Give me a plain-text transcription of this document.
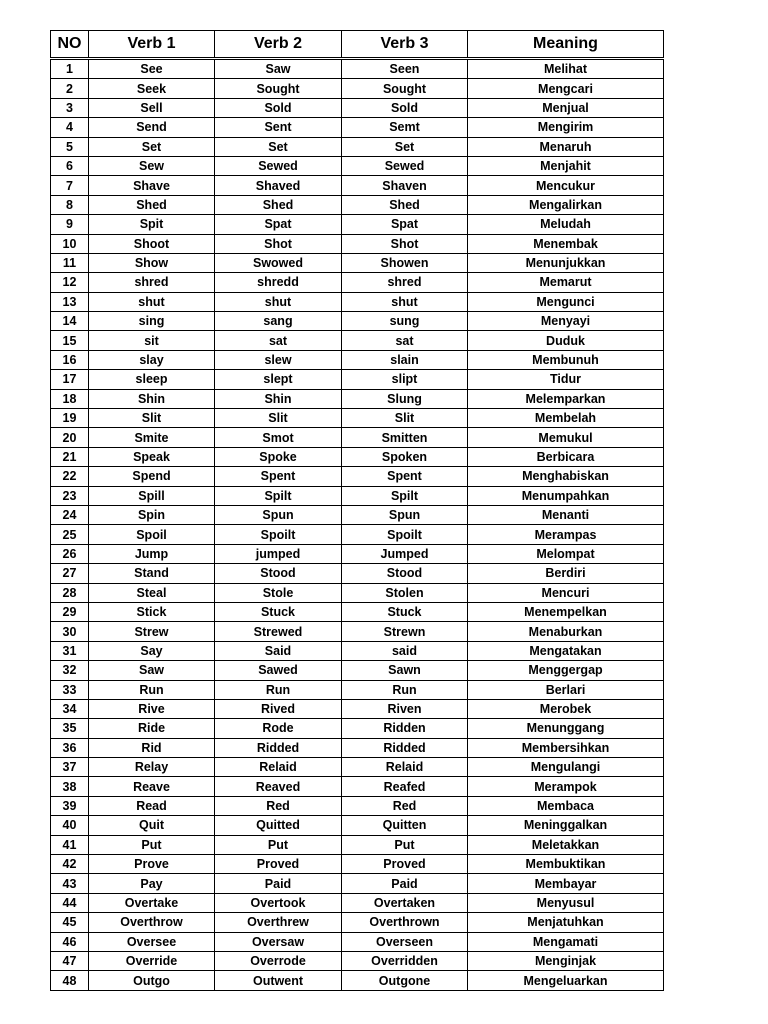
NO	Verb 1	Verb 2	Verb 3	Meaning
1	See	Saw	Seen	Melihat
2	Seek	Sought	Sought	Mengcari
3	Sell	Sold	Sold	Menjual
4	Send	Sent	Semt	Mengirim
5	Set	Set	Set	Menaruh
6	Sew	Sewed	Sewed	Menjahit
7	Shave	Shaved	Shaven	Mencukur
8	Shed	Shed	Shed	Mengalirkan
9	Spit	Spat	Spat	Meludah
10	Shoot	Shot	Shot	Menembak
11	Show	Swowed	Showen	Menunjukkan
12	shred	shredd	shred	Memarut
13	shut	shut	shut	Mengunci
14	sing	sang	sung	Menyayi
15	sit	sat	sat	Duduk
16	slay	slew	slain	Membunuh
17	sleep	slept	slipt	Tidur
18	Shin	Shin	Slung	Melemparkan
19	Slit	Slit	Slit	Membelah
20	Smite	Smot	Smitten	Memukul
21	Speak	Spoke	Spoken	Berbicara
22	Spend	Spent	Spent	Menghabiskan
23	Spill	Spilt	Spilt	Menumpahkan
24	Spin	Spun	Spun	Menanti
25	Spoil	Spoilt	Spoilt	Merampas
26	Jump	jumped	Jumped	Melompat
27	Stand	Stood	Stood	Berdiri
28	Steal	Stole	Stolen	Mencuri
29	Stick	Stuck	Stuck	Menempelkan
30	Strew	Strewed	Strewn	Menaburkan
31	Say	Said	said	Mengatakan
32	Saw	Sawed	Sawn	Menggergap
33	Run	Run	Run	Berlari
34	Rive	Rived	Riven	Merobek
35	Ride	Rode	Ridden	Menunggang
36	Rid	Ridded	Ridded	Membersihkan
37	Relay	Relaid	Relaid	Mengulangi
38	Reave	Reaved	Reafed	Merampok
39	Read	Red	Red	Membaca
40	Quit	Quitted	Quitten	Meninggalkan
41	Put	Put	Put	Meletakkan
42	Prove	Proved	Proved	Membuktikan
43	Pay	Paid	Paid	Membayar
44	Overtake	Overtook	Overtaken	Menyusul
45	Overthrow	Overthrew	Overthrown	Menjatuhkan
46	Oversee	Oversaw	Overseen	Mengamati
47	Override	Overrode	Overridden	Menginjak
48	Outgo	Outwent	Outgone	Mengeluarkan
